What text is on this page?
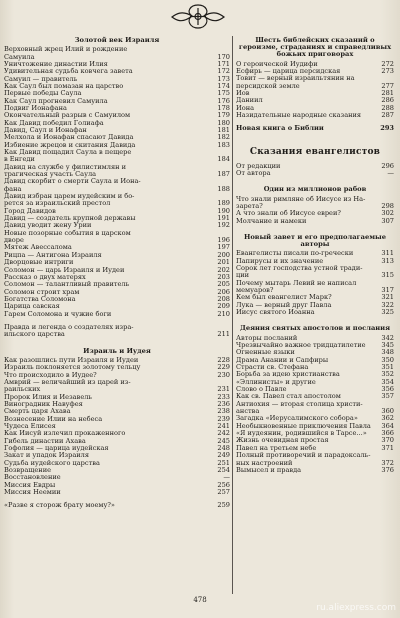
Золотой век Израиля
Верховный жрец Илий и рождение
Самуила	170
Уничтожение династии Илия	171
Удивительная судьба ковчега завета	172
Самуил — правитель	173
Как Саул был помазан на царство	174
Первые победы Саула	175
Как Саул прогневил Самуила	176
Подвиг Ионафана	178
Окончательный разрыв с Самуилом	179
Как Давид победил Голиафа	180
Давид, Саул и Ионафан	181
Мелхола и Ионафан спасают Давида	182
Избиение жрецов и скитания Давида	183
Как Давид пощадил Саула в пещере
в Енгеди	184
Давид на службе у филистимлян и
трагическая участь Саула	187
Давид скорбит о смерти Саула и Иона-
фана	188
Давид избран царем иудейским и бо-
рется за израильский престол	189
Город Давидов	190
Давид — создатель крупной державы	191
Давид уводит жену Урии	192
Новые позорные события в царском
дворе	196
Мятеж Авессалома	197
Рицпа — Антигона Израиля	200
Дворцовые интриги	201
Соломон — царь Израиля и Иудеи	202
Рассказ о двух матерях	203
Соломон — талантливый правитель	205
Соломон строит храм	206
Богатства Соломона	208
Царица савская	209
Гарем Соломона и чужие боги	210
Правда и легенда о создателях изра-
ильского царства	211
Израиль и Иудея
Как разошлись пути Израиля и Иудеи	228
Израиль поклоняется золотому тельцу	229
Что происходило в Иудее?	230
Амврий — величайший из царей из-
раильских	231
Пророк Илия и Иезавель	233
Виноградник Навуфея	236
Смерть царя Ахава	238
Вознесение Илии на небеса	239
Чудеса Елисея	241
Как Иисуй излечил прокаженного	242
Гибель династии Ахава	245
Гофолия — царица иудейская	248
Закат и упадок Израиля	249
Судьба иудейского царства	251
Возвращение	254
Восстановление	—
Миссия Евдры	256
Миссия Неемии	257
«Разве я сторож брату моему?»	259
Шесть библейских сказаний о героизме, страданиях и справедливых божьих приговорах
О героической Иудифи	272
Есфирь — царица персидская	273
Товит — верный израильтянин на
персидской земле	277
Иов	281
Даниил	286
Иона	288
Назидательные народные сказания	287
Новая книга о Библии	293
Сказания евангелистов
От редакции	296
От автора	—
Один из миллионов рабов
Что знали римляне об Иисусе из На-
зарета?	298
А что знали об Иисусе евреи?	302
Молчание и намеки	307
Новый завет и его предполагаемые авторы
Евангелисты писали по-гречески	311
Папирусы и их значение	313
Сорок лет господства устной тради-
ции	315
Почему мытарь Левий не написал
мемуаров?	317
Кем был евангелист Марк?	321
Лука — верный друг Павла	322
Иисус святого Иоанна	325
Деяния святых апостолов и послания
Авторы посланий	342
Чрезвычайно важное тридцатилетие	345
Огненные языки	348
Драма Анании и Сапфиры	350
Страсти св. Стефана	351
Борьба за идею христианства	352
«Эллинисты» и другие	354
Слово о Павле	356
Как св. Павел стал апостолом	357
Антиохия — вторая столица христи-
анства	360
Загадка «Иерусалимского собора»	362
Необыкновенные приключения Павла	364
«Я иудеянин, родившийся в Тарсе...»	366
Жизнь очевидная простая	370
Павел на третьем небе	371
Полный противоречий и парадоксаль-
ных настроений	372
Вымысел и правда	376
478
ru.aliexpress.com
